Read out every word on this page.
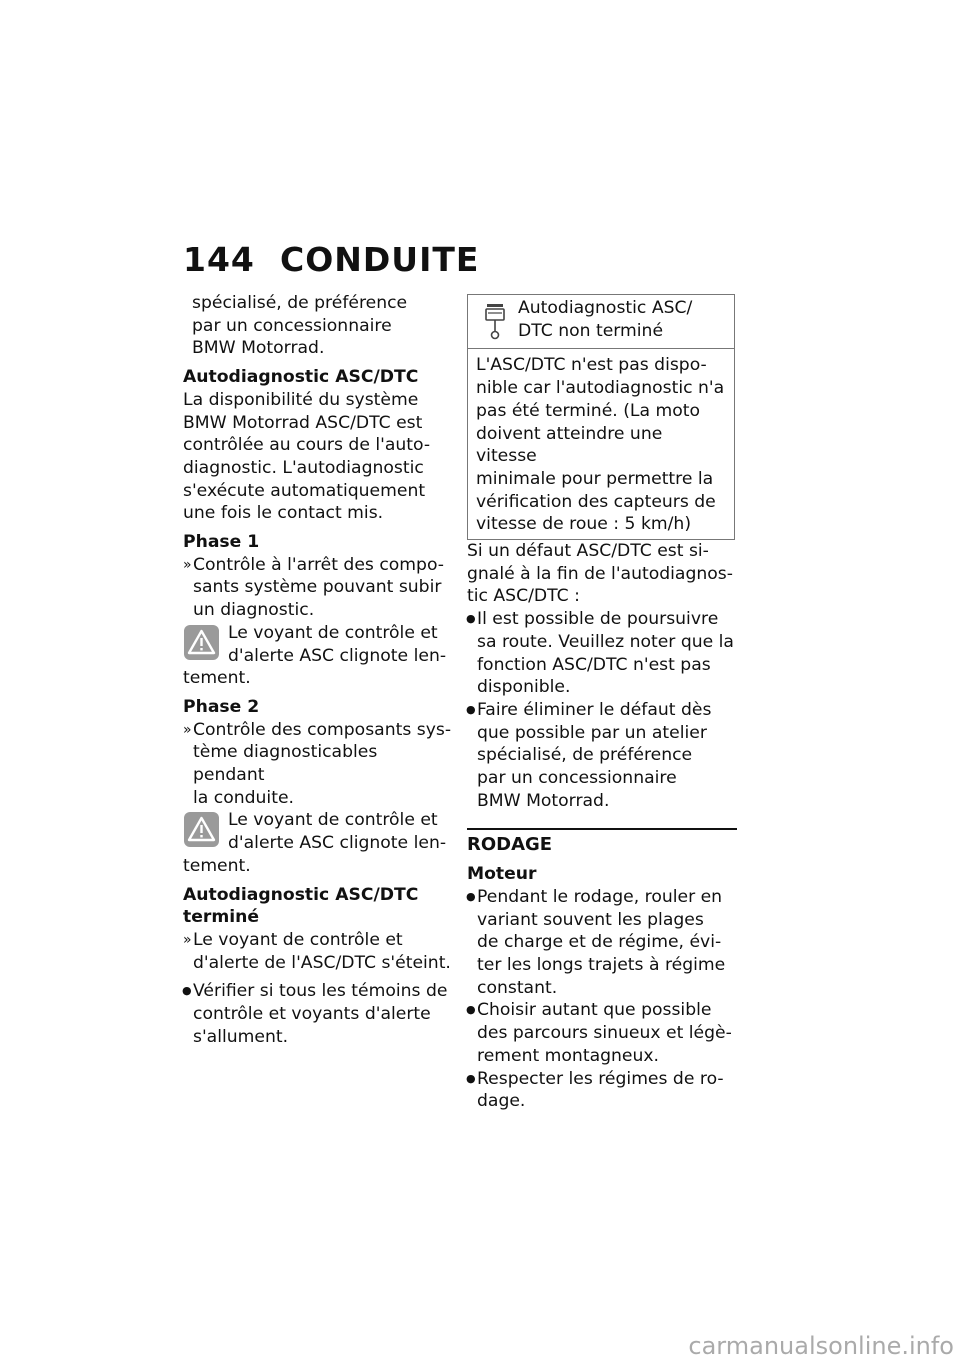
144 CONDUITE

spécialisé, de préférence

par un concessionnaire

BMW Motorrad.

Autodiagnostic ASC/DTC

La disponibilité du système

BMW Motorrad ASC/DTC est

contrôlée au cours de l'auto-

diagnostic. L'autodiagnostic

s'exécute automatiquement

une fois le contact mis.

Phase 1

» Contrôle à l'arrêt des compo-

sants système pouvant subir

un diagnostic.

Le voyant de contrôle et

d'alerte ASC clignote len-

tement.

Phase 2

» Contrôle des composants sys-

tème diagnosticables pendant

la conduite.

Le voyant de contrôle et

d'alerte ASC clignote len-

tement.

Autodiagnostic ASC/DTC

terminé

» Le voyant de contrôle et

d'alerte de l'ASC/DTC s'éteint.

● Vérifier si tous les témoins de

contrôle et voyants d'alerte

s'allument.

Autodiagnostic ASC/

DTC non terminé

L'ASC/DTC n'est pas dispo-

nible car l'autodiagnostic n'a

pas été terminé. (La moto

doivent atteindre une vitesse

minimale pour permettre la

vérification des capteurs de

vitesse de roue : 5 km/h)

Si un défaut ASC/DTC est si-

gnalé à la fin de l'autodiagnos-

tic ASC/DTC :

● Il est possible de poursuivre

sa route. Veuillez noter que la

fonction ASC/DTC n'est pas

disponible.

● Faire éliminer le défaut dès

que possible par un atelier

spécialisé, de préférence

par un concessionnaire

BMW Motorrad.

RODAGE

Moteur

● Pendant le rodage, rouler en

variant souvent les plages

de charge et de régime, évi-

ter les longs trajets à régime

constant.

● Choisir autant que possible

des parcours sinueux et légè-

rement montagneux.

● Respecter les régimes de ro-

dage.

carmanualsonline.info
